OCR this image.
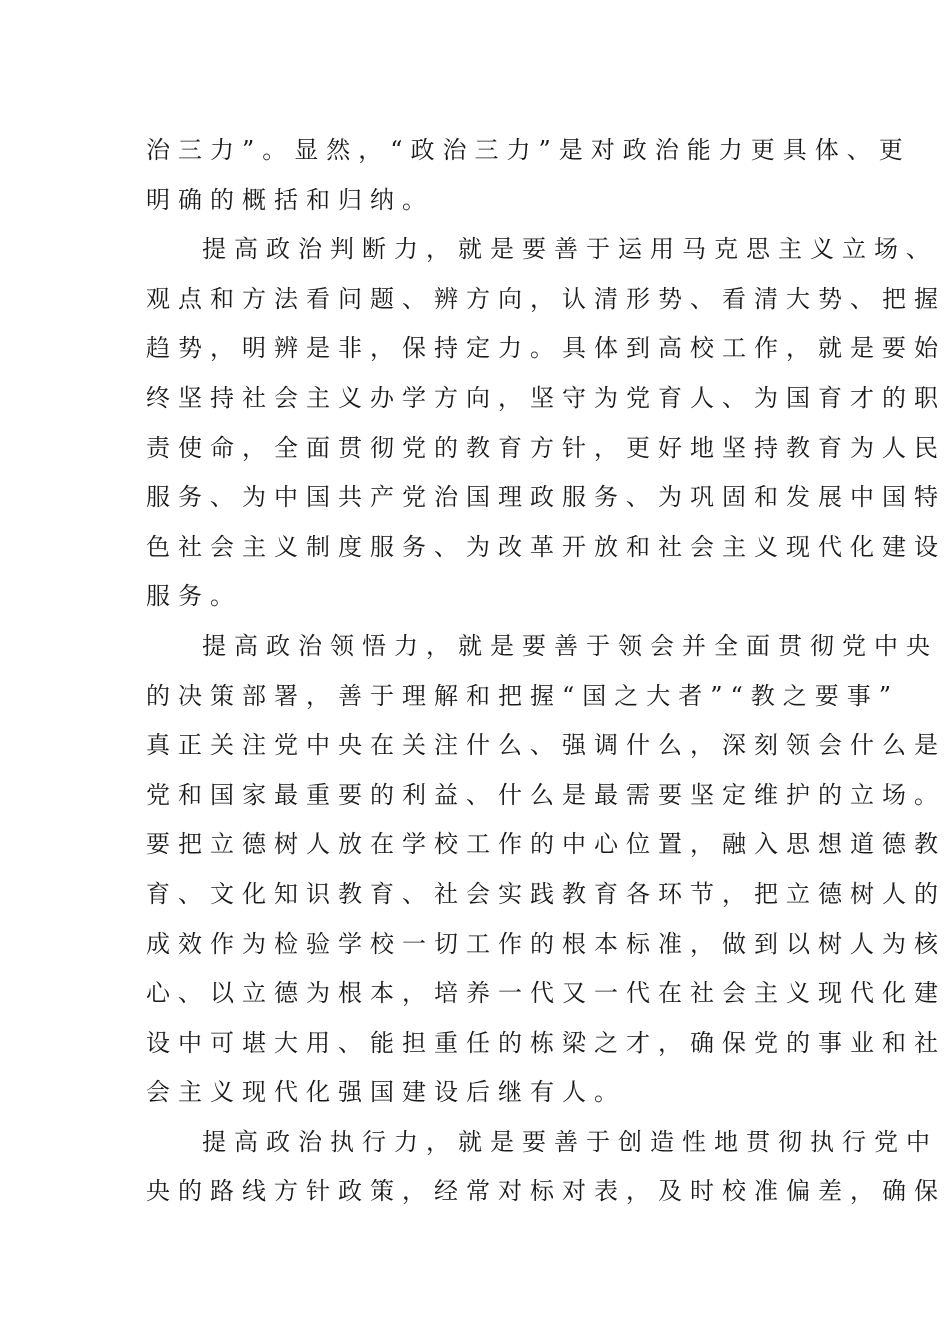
治三力”。显然，“政治三力”是对政治能力更具体、更
明确的概括和归纳。
提高政治判断力，就是要善于运用马克思主义立场、
观点和方法看问题、辨方向，认清形势、看清大势、把握
趋势，明辨是非，保持定力。具体到高校工作，就是要始
终坚持社会主义办学方向，坚守为党育人、为国育才的职
责使命，全面贯彻党的教育方针，更好地坚持教育为人民
服务、为中国共产党治国理政服务、为巩固和发展中国特
色社会主义制度服务、为改革开放和社会主义现代化建设
服务。
提高政治领悟力，就是要善于领会并全面贯彻党中央
的决策部署，善于理解和把握“国之大者”“教之要事”
真正关注党中央在关注什么、强调什么，深刻领会什么是
党和国家最重要的利益、什么是最需要坚定维护的立场。
要把立德树人放在学校工作的中心位置，融入思想道德教
育、文化知识教育、社会实践教育各环节，把立德树人的
成效作为检验学校一切工作的根本标准，做到以树人为核
心、以立德为根本，培养一代又一代在社会主义现代化建
设中可堪大用、能担重任的栋梁之才，确保党的事业和社
会主义现代化强国建设后继有人。
提高政治执行力，就是要善于创造性地贯彻执行党中
央的路线方针政策，经常对标对表，及时校准偏差，确保
